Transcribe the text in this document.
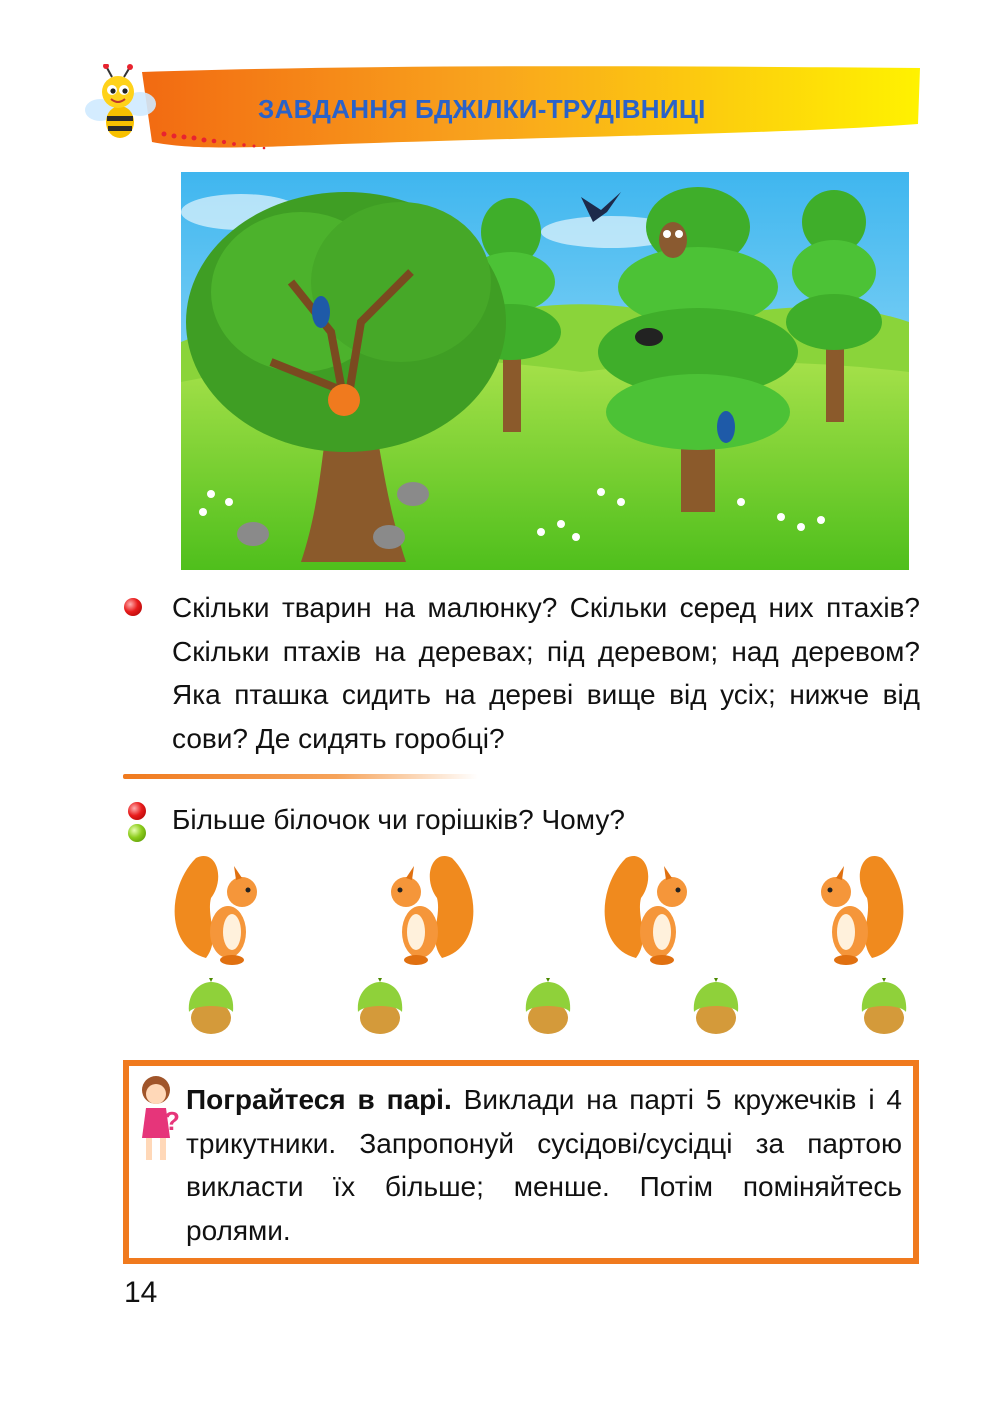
ЗАВДАННЯ БДЖІЛКИ-ТРУДІВНИЦІ
Скільки тварин на малюнку? Скільки серед них птахів? Скільки птахів на деревах; під деревом; над деревом? Яка пташка сидить на дереві вище від усіх; нижче від сови? Де сидять горобці?
Більше білочок чи горішків? Чому?
?
Пограйтеся в парі. Виклади на парті 5 кружечків і 4 трикутники. Запропонуй сусідові/сусідці за партою викласти їх більше; менше. Потім поміняйтесь ролями.
14
